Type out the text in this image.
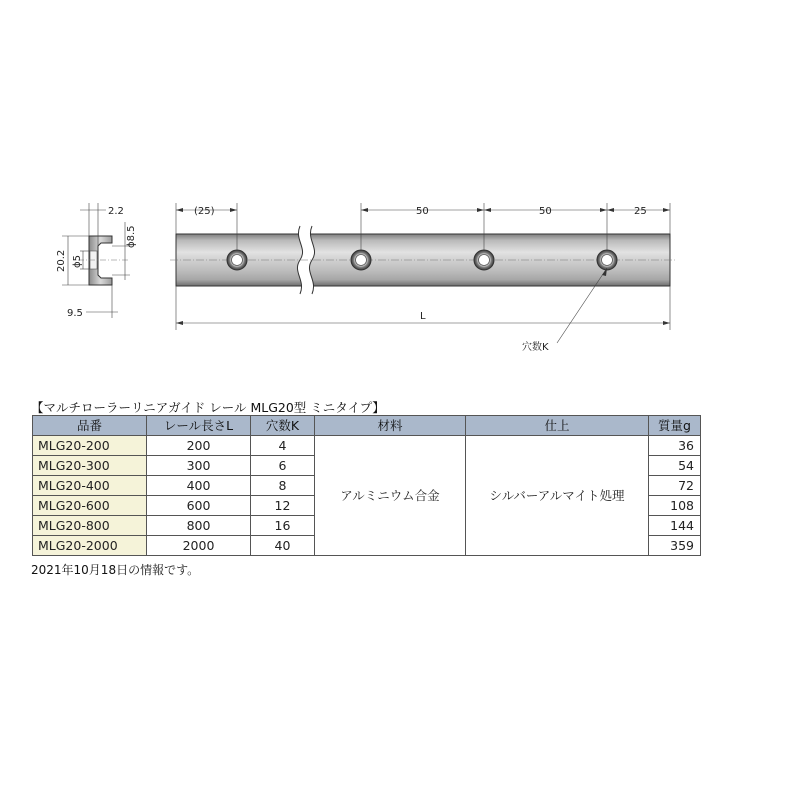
2.2
20.2 ϕ5
ϕ8.5
9.5
(25)	50	50	25
L
穴数K
【マルチローラーリニアガイド レール MLG20型 ミニタイプ】
品番	レール長さL	穴数K	材料	仕上	質量g
MLG20-200	200	4	アルミニウム合金	シルバーアルマイト処理	36
MLG20-300	300	6			54
MLG20-400	400	8			72
MLG20-600	600	12			108
MLG20-800	800	16			144
MLG20-2000	2000	40			359
2021年10月18日の情報です。
